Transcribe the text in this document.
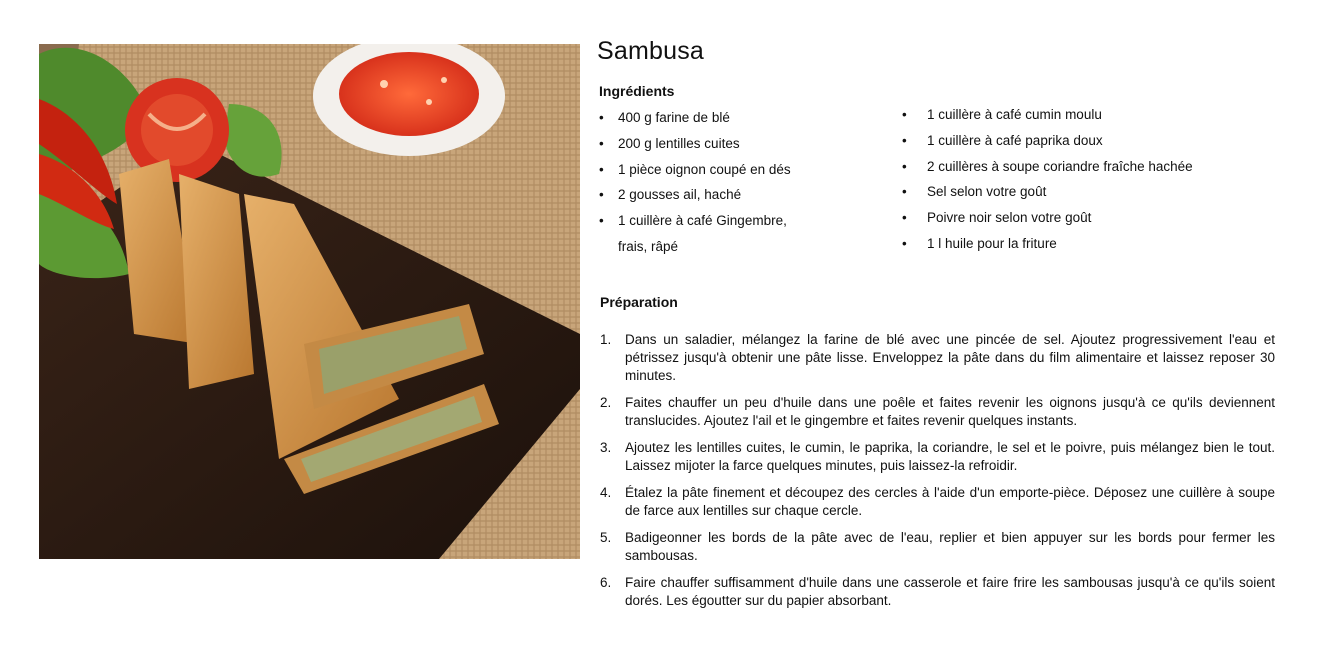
Sambusa
Ingrédients
• 400 g farine de blé
• 200 g lentilles cuites
• 1 pièce oignon coupé en dés
• 2 gousses ail, haché
• 1 cuillère à café Gingembre, frais, râpé
• 1 cuillère à café cumin moulu
• 1 cuillère à café paprika doux
• 2 cuillères à soupe coriandre fraîche hachée
• Sel selon votre goût
• Poivre noir selon votre goût
• 1 l huile pour la friture
Préparation
1. Dans un saladier, mélangez la farine de blé avec une pincée de sel. Ajoutez progressivement l'eau et pétrissez jusqu'à obtenir une pâte lisse. Enveloppez la pâte dans du film alimentaire et laissez reposer 30 minutes.
2. Faites chauffer un peu d'huile dans une poêle et faites revenir les oignons jusqu'à ce qu'ils deviennent translucides. Ajoutez l'ail et le gingembre et faites revenir quelques instants.
3. Ajoutez les lentilles cuites, le cumin, le paprika, la coriandre, le sel et le poivre, puis mélangez bien le tout. Laissez mijoter la farce quelques minutes, puis laissez-la refroidir.
4. Étalez la pâte finement et découpez des cercles à l'aide d'un emporte-pièce. Déposez une cuillère à soupe de farce aux lentilles sur chaque cercle.
5. Badigeonner les bords de la pâte avec de l'eau, replier et bien appuyer sur les bords pour fermer les sambousas.
6. Faire chauffer suffisamment d'huile dans une casserole et faire frire les sambousas jusqu'à ce qu'ils soient dorés. Les égoutter sur du papier absorbant.
